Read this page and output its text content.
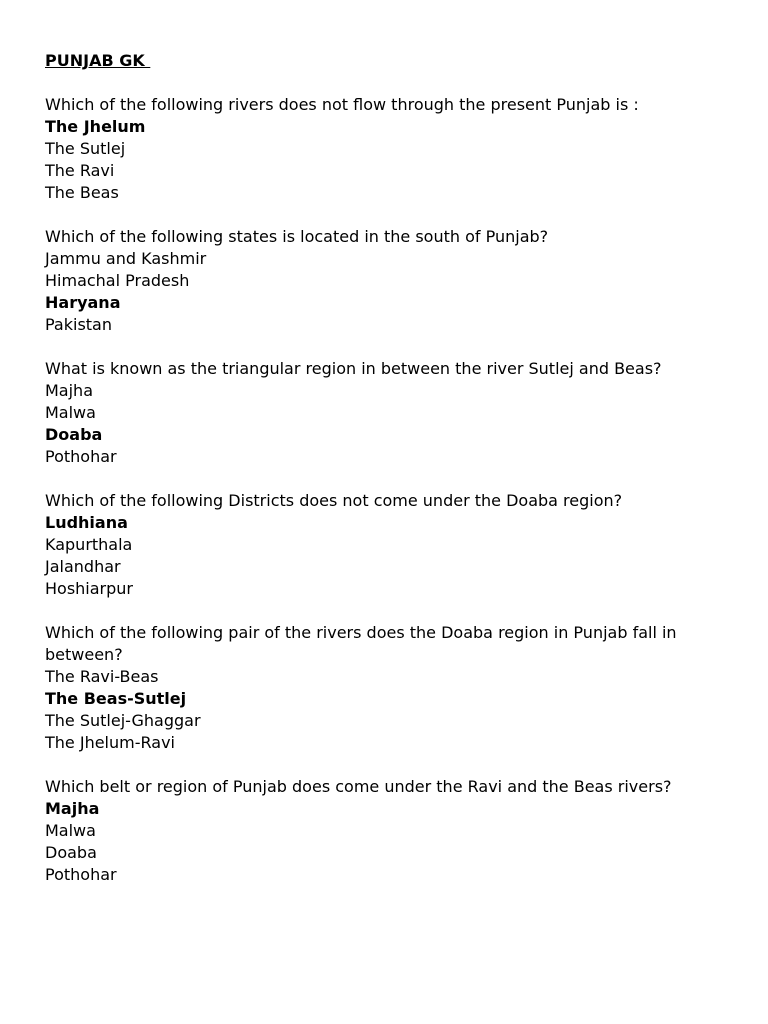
PUNJAB GK
Which of the following rivers does not flow through the present Punjab is :
The Jhelum
The Sutlej
The Ravi
The Beas
Which of the following states is located in the south of Punjab?
Jammu and Kashmir
Himachal Pradesh
Haryana
Pakistan
What is known as the triangular region in between the river Sutlej and Beas?
Majha
Malwa
Doaba
Pothohar
Which of the following Districts does not come under the Doaba region?
Ludhiana
Kapurthala
Jalandhar
Hoshiarpur
Which of the following pair of the rivers does the Doaba region in Punjab fall in between?
The Ravi-Beas
The Beas-Sutlej
The Sutlej-Ghaggar
The Jhelum-Ravi
Which belt or region of Punjab does come under the Ravi and the Beas rivers?
Majha
Malwa
Doaba
Pothohar
